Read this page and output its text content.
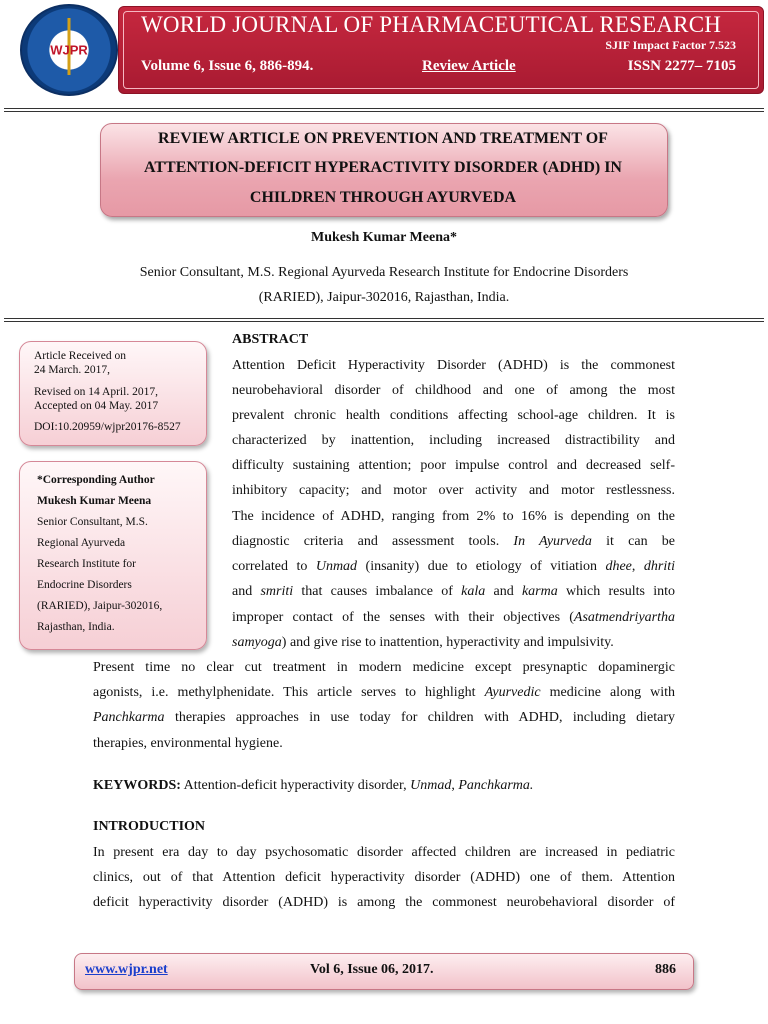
WJPR
WORLD JOURNAL OF PHARMACEUTICAL RESEARCH
SJIF Impact Factor 7.523
Volume 6, Issue 6, 886-894.	Review Article	ISSN 2277– 7105
REVIEW ARTICLE ON PREVENTION AND TREATMENT OF
ATTENTION-DEFICIT HYPERACTIVITY DISORDER (ADHD) IN
CHILDREN THROUGH AYURVEDA
Mukesh Kumar Meena*
Senior Consultant, M.S. Regional Ayurveda Research Institute for Endocrine Disorders
(RARIED), Jaipur-302016, Rajasthan, India.
Article Received on
24 March. 2017,
Revised on 14 April. 2017,
Accepted on 04 May. 2017
DOI:10.20959/wjpr20176-8527
*Corresponding Author
Mukesh Kumar Meena
Senior Consultant, M.S.
Regional Ayurveda
Research Institute for
Endocrine Disorders
(RARIED), Jaipur-302016,
Rajasthan, India.
ABSTRACT
Attention Deficit Hyperactivity Disorder (ADHD) is the commonest
neurobehavioral disorder of childhood and one of among the most
prevalent chronic health conditions affecting school-age children. It is
characterized by inattention, including increased distractibility and
difficulty sustaining attention; poor impulse control and decreased self-
inhibitory capacity; and motor over activity and motor restlessness.
The incidence of ADHD, ranging from 2% to 16% is depending on the
diagnostic criteria and assessment tools. In Ayurveda it can be
correlated to Unmad (insanity) due to etiology of vitiation dhee, dhriti
and smriti that causes imbalance of kala and karma which results into
improper contact of the senses with their objectives (Asatmendriyartha
samyoga) and give rise to inattention, hyperactivity and impulsivity.
Present time no clear cut treatment in modern medicine except presynaptic dopaminergic
agonists, i.e. methylphenidate. This article serves to highlight Ayurvedic medicine along with
Panchkarma therapies approaches in use today for children with ADHD, including dietary
therapies, environmental hygiene.
KEYWORDS: Attention-deficit hyperactivity disorder, Unmad, Panchkarma.
INTRODUCTION
In present era day to day psychosomatic disorder affected children are increased in pediatric
clinics, out of that Attention deficit hyperactivity disorder (ADHD) one of them. Attention
deficit hyperactivity disorder (ADHD) is among the commonest neurobehavioral disorder of
www.wjpr.net	Vol 6, Issue 06, 2017.	886
